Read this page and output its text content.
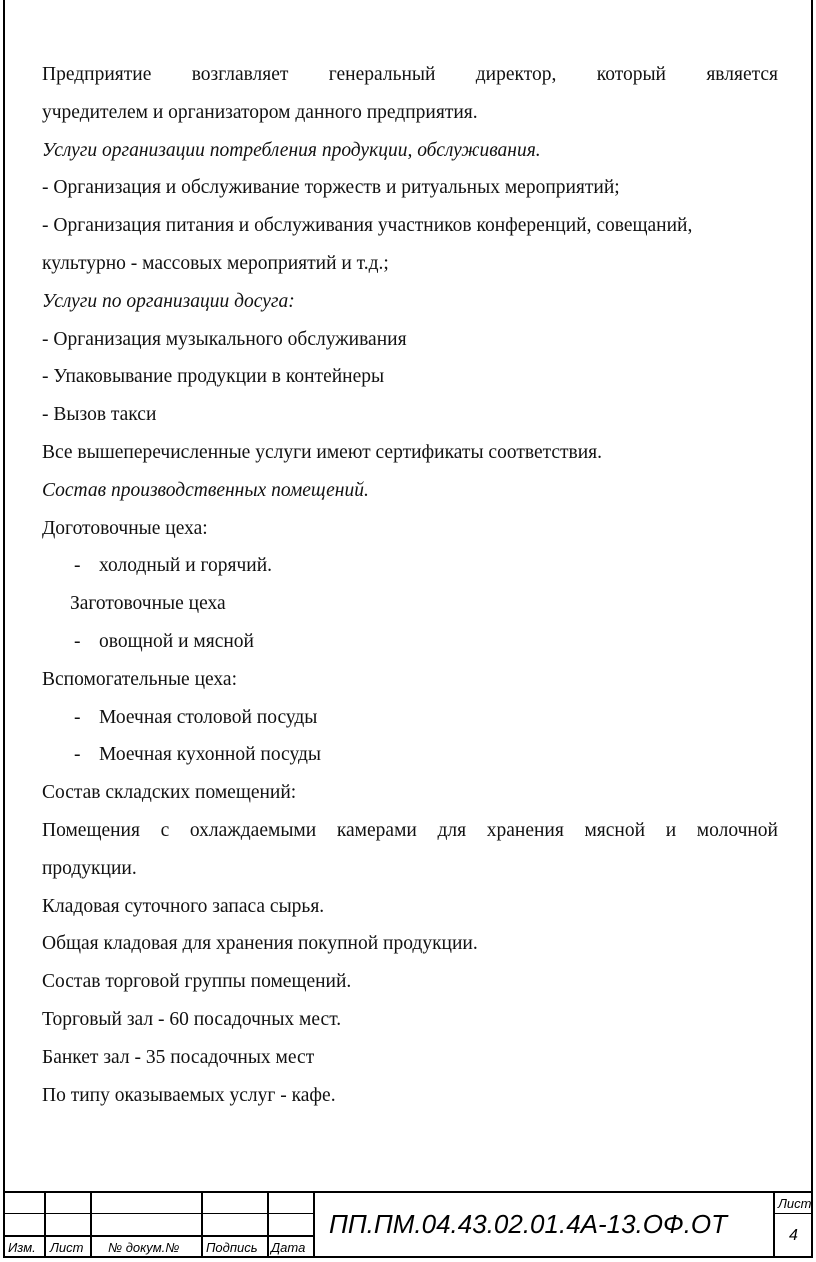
Предприятие возглавляет генеральный директор, который является
учредителем и организатором данного предприятия.
Услуги организации потребления продукции, обслуживания.
- Организация и обслуживание торжеств и ритуальных мероприятий;
- Организация питания и обслуживания участников конференций, совещаний,
культурно - массовых мероприятий и т.д.;
Услуги по организации досуга:
- Организация музыкального обслуживания
- Упаковывание продукции в контейнеры
- Вызов такси
Все вышеперечисленные услуги имеют сертификаты соответствия.
Состав производственных помещений.
Доготовочные цеха:
- холодный и горячий.
Заготовочные цеха
- овощной и мясной
Вспомогательные цеха:
- Моечная столовой посуды
- Моечная кухонной посуды
Состав складских помещений:
Помещения с охлаждаемыми камерами для хранения мясной и молочной
продукции.
Кладовая суточного запаса сырья.
Общая кладовая для хранения покупной продукции.
Состав торговой группы помещений.
Торговый зал - 60 посадочных мест.
Банкет зал - 35 посадочных мест
По типу оказываемых услуг - кафе.
Изм. Лист № докум.№ Подпись Дата
ПП.ПМ.04.43.02.01.4А-13.ОФ.ОТ
Лист
4
